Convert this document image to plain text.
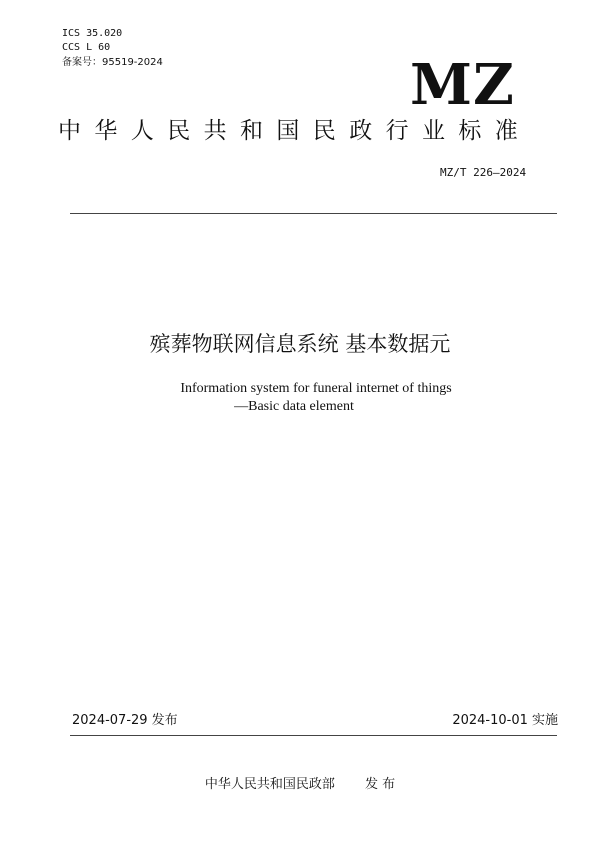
ICS 35.020
CCS L 60
备案号：95519-2024	MZ
中华人民共和国民政行业标准
MZ/T 226—2024
殡葬物联网信息系统 基本数据元
Information system for funeral internet of things
—Basic data element
2024-07-29 发布	2024-10-01 实施
中华人民共和国民政部 发 布
